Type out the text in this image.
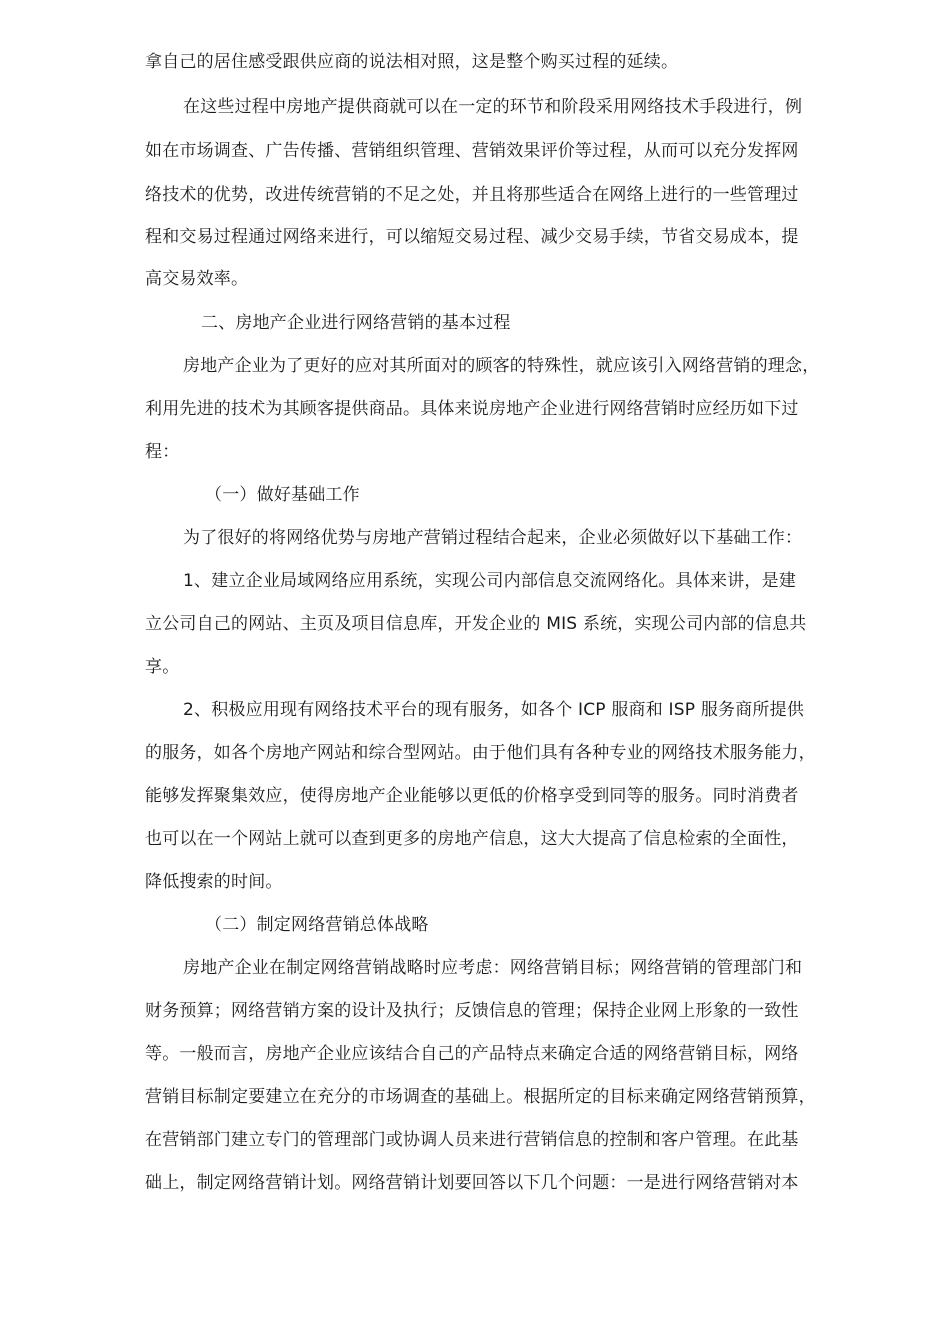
拿自己的居住感受跟供应商的说法相对照，这是整个购买过程的延续。
在这些过程中房地产提供商就可以在一定的环节和阶段采用网络技术手段进行，例
如在市场调查、广告传播、营销组织管理、营销效果评价等过程，从而可以充分发挥网
络技术的优势，改进传统营销的不足之处，并且将那些适合在网络上进行的一些管理过
程和交易过程通过网络来进行，可以缩短交易过程、减少交易手续，节省交易成本，提
高交易效率。
二、房地产企业进行网络营销的基本过程
房地产企业为了更好的应对其所面对的顾客的特殊性，就应该引入网络营销的理念，
利用先进的技术为其顾客提供商品。具体来说房地产企业进行网络营销时应经历如下过
程：
（一）做好基础工作
为了很好的将网络优势与房地产营销过程结合起来，企业必须做好以下基础工作：
1、建立企业局域网络应用系统，实现公司内部信息交流网络化。具体来讲，是建
立公司自己的网站、主页及项目信息库，开发企业的 MIS 系统，实现公司内部的信息共
享。
2、积极应用现有网络技术平台的现有服务，如各个 ICP 服商和 ISP 服务商所提供
的服务，如各个房地产网站和综合型网站。由于他们具有各种专业的网络技术服务能力，
能够发挥聚集效应，使得房地产企业能够以更低的价格享受到同等的服务。同时消费者
也可以在一个网站上就可以查到更多的房地产信息，这大大提高了信息检索的全面性，
降低搜索的时间。
（二）制定网络营销总体战略
房地产企业在制定网络营销战略时应考虑：网络营销目标；网络营销的管理部门和
财务预算；网络营销方案的设计及执行；反馈信息的管理；保持企业网上形象的一致性
等。一般而言，房地产企业应该结合自己的产品特点来确定合适的网络营销目标，网络
营销目标制定要建立在充分的市场调查的基础上。根据所定的目标来确定网络营销预算，
在营销部门建立专门的管理部门或协调人员来进行营销信息的控制和客户管理。在此基
础上，制定网络营销计划。网络营销计划要回答以下几个问题：一是进行网络营销对本
